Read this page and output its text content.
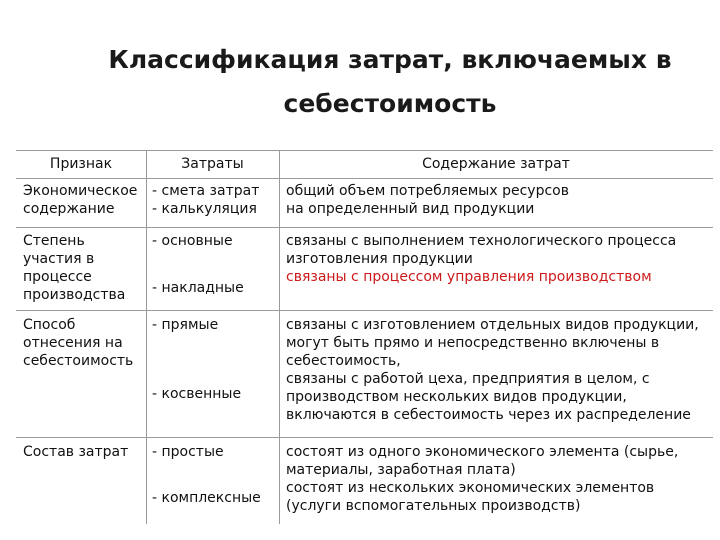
Классификация затрат, включаемых в
себестоимость
Признак	Затраты	Содержание затрат
Экономическое
содержание
- смета затрат
- калькуляция
общий объем потребляемых ресурсов
на определенный вид продукции
Степень
участия в
процессе
производства
- основные
- накладные
связаны с выполнением технологического процесса
изготовления продукции
связаны с процессом управления производством
Способ
отнесения на
себестоимость
- прямые
- косвенные
связаны с изготовлением отдельных видов продукции,
могут быть прямо и непосредственно включены в
себестоимость,
связаны с работой цеха, предприятия в целом, с
производством нескольких видов продукции,
включаются в себестоимость через их распределение
Состав затрат - простые
- комплексные
состоят из одного экономического элемента (сырье,
материалы, заработная плата)
состоят из нескольких экономических элементов
(услуги вспомогательных производств)
